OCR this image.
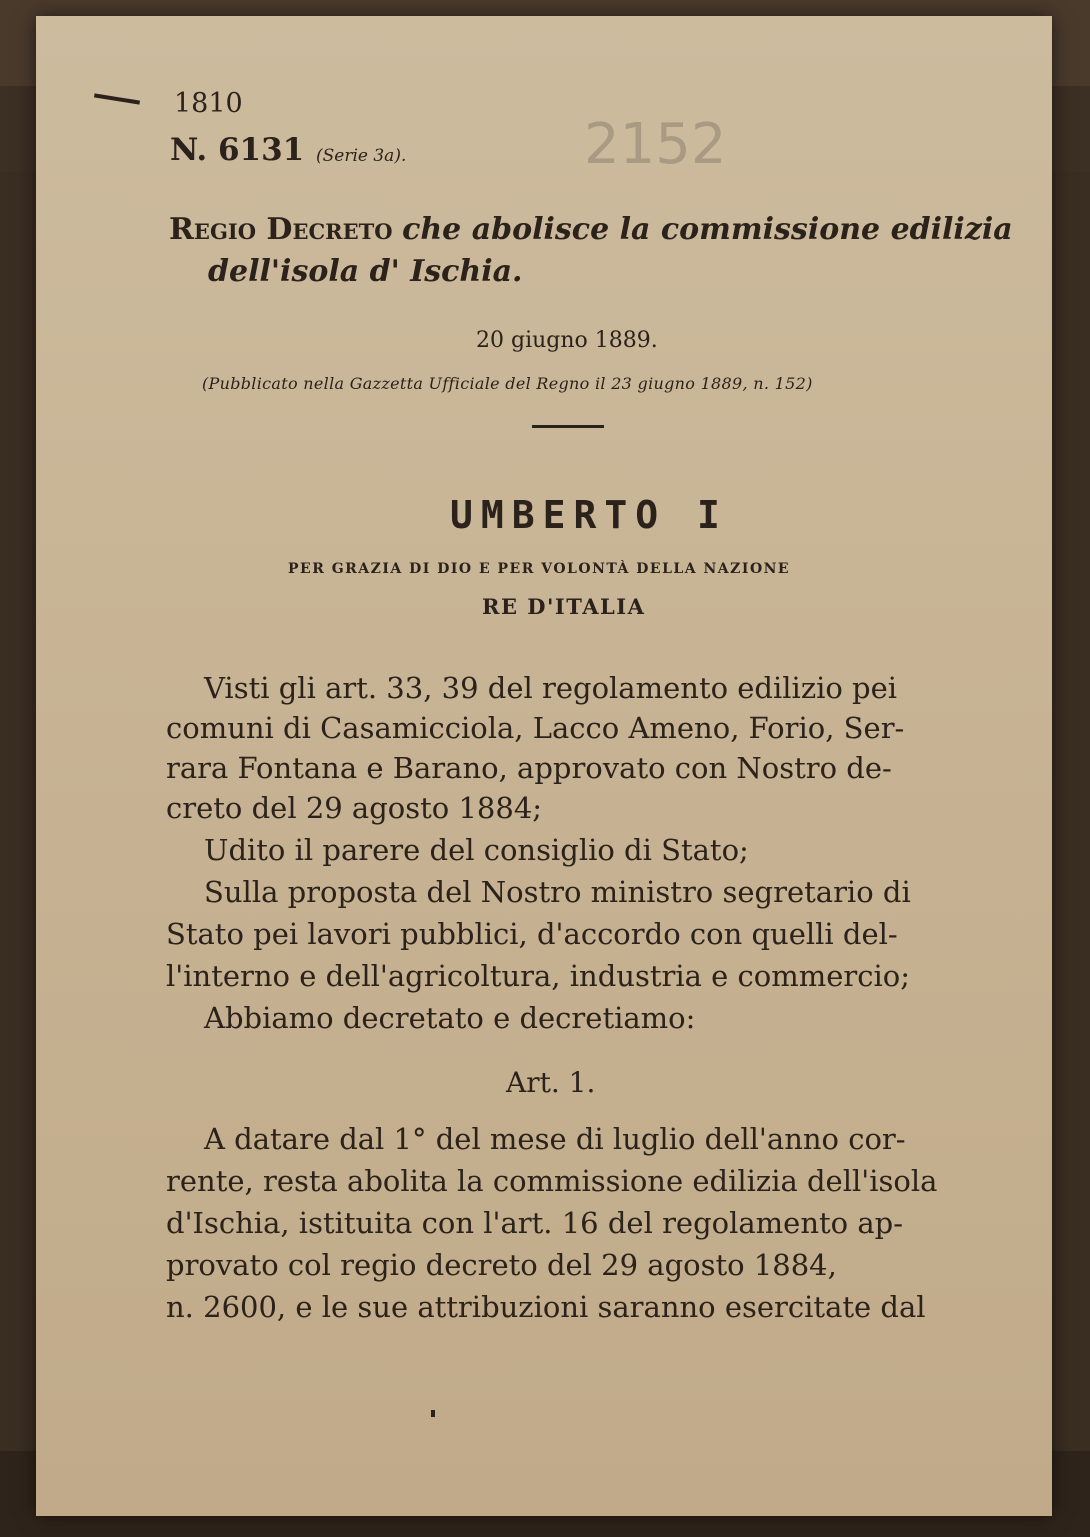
1810
N. 6131 (Serie 3a).	2152
Regio Decreto che abolisce la commissione edilizia
dell'isola d' Ischia.
20 giugno 1889.
(Pubblicato nella Gazzetta Ufficiale del Regno il 23 giugno 1889, n. 152)
UMBERTO I
PER GRAZIA DI DIO E PER VOLONTÀ DELLA NAZIONE
RE D'ITALIA
Visti gli art. 33, 39 del regolamento edilizio pei
comuni di Casamicciola, Lacco Ameno, Forio, Ser-
rara Fontana e Barano, approvato con Nostro de-
creto del 29 agosto 1884;
Udito il parere del consiglio di Stato;
Sulla proposta del Nostro ministro segretario di
Stato pei lavori pubblici, d'accordo con quelli del-
l'interno e dell'agricoltura, industria e commercio;
Abbiamo decretato e decretiamo:
Art. 1.
A datare dal 1° del mese di luglio dell'anno cor-
rente, resta abolita la commissione edilizia dell'isola
d'Ischia, istituita con l'art. 16 del regolamento ap-
provato col regio decreto del 29 agosto 1884,
n. 2600, e le sue attribuzioni saranno esercitate dal
